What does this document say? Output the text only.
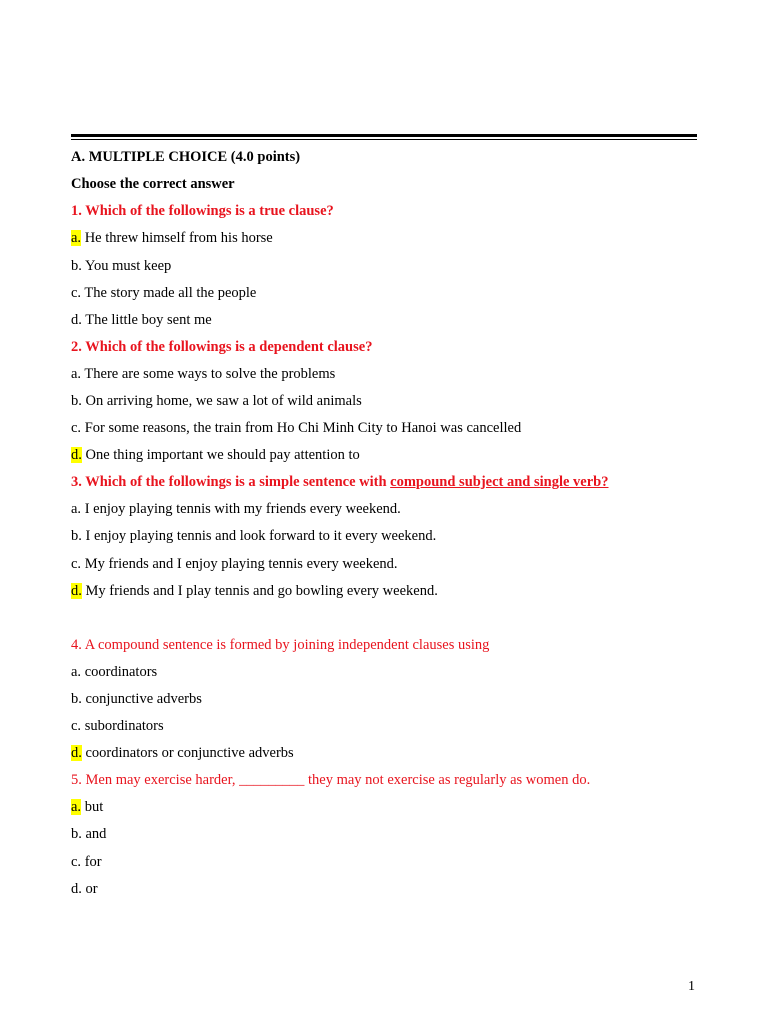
A. MULTIPLE CHOICE (4.0 points)
Choose the correct answer
1. Which of the followings is a true clause?
a. He threw himself from his horse
b. You must keep
c. The story made all the people
d. The little boy sent me
2. Which of the followings is a dependent clause?
a. There are some ways to solve the problems
b. On arriving home, we saw a lot of wild animals
c. For some reasons, the train from Ho Chi Minh City to Hanoi was cancelled
d. One thing important we should pay attention to
3. Which of the followings is a simple sentence with compound subject and single verb?
a. I enjoy playing tennis with my friends every weekend.
b. I enjoy playing tennis and look forward to it every weekend.
c. My friends and I enjoy playing tennis every weekend.
d. My friends and I play tennis and go bowling every weekend.
4. A compound sentence is formed by joining independent clauses using
a. coordinators
b. conjunctive adverbs
c. subordinators
d. coordinators or conjunctive adverbs
5. Men may exercise harder, _________ they may not exercise as regularly as women do.
a. but
b. and
c. for
d. or
1
